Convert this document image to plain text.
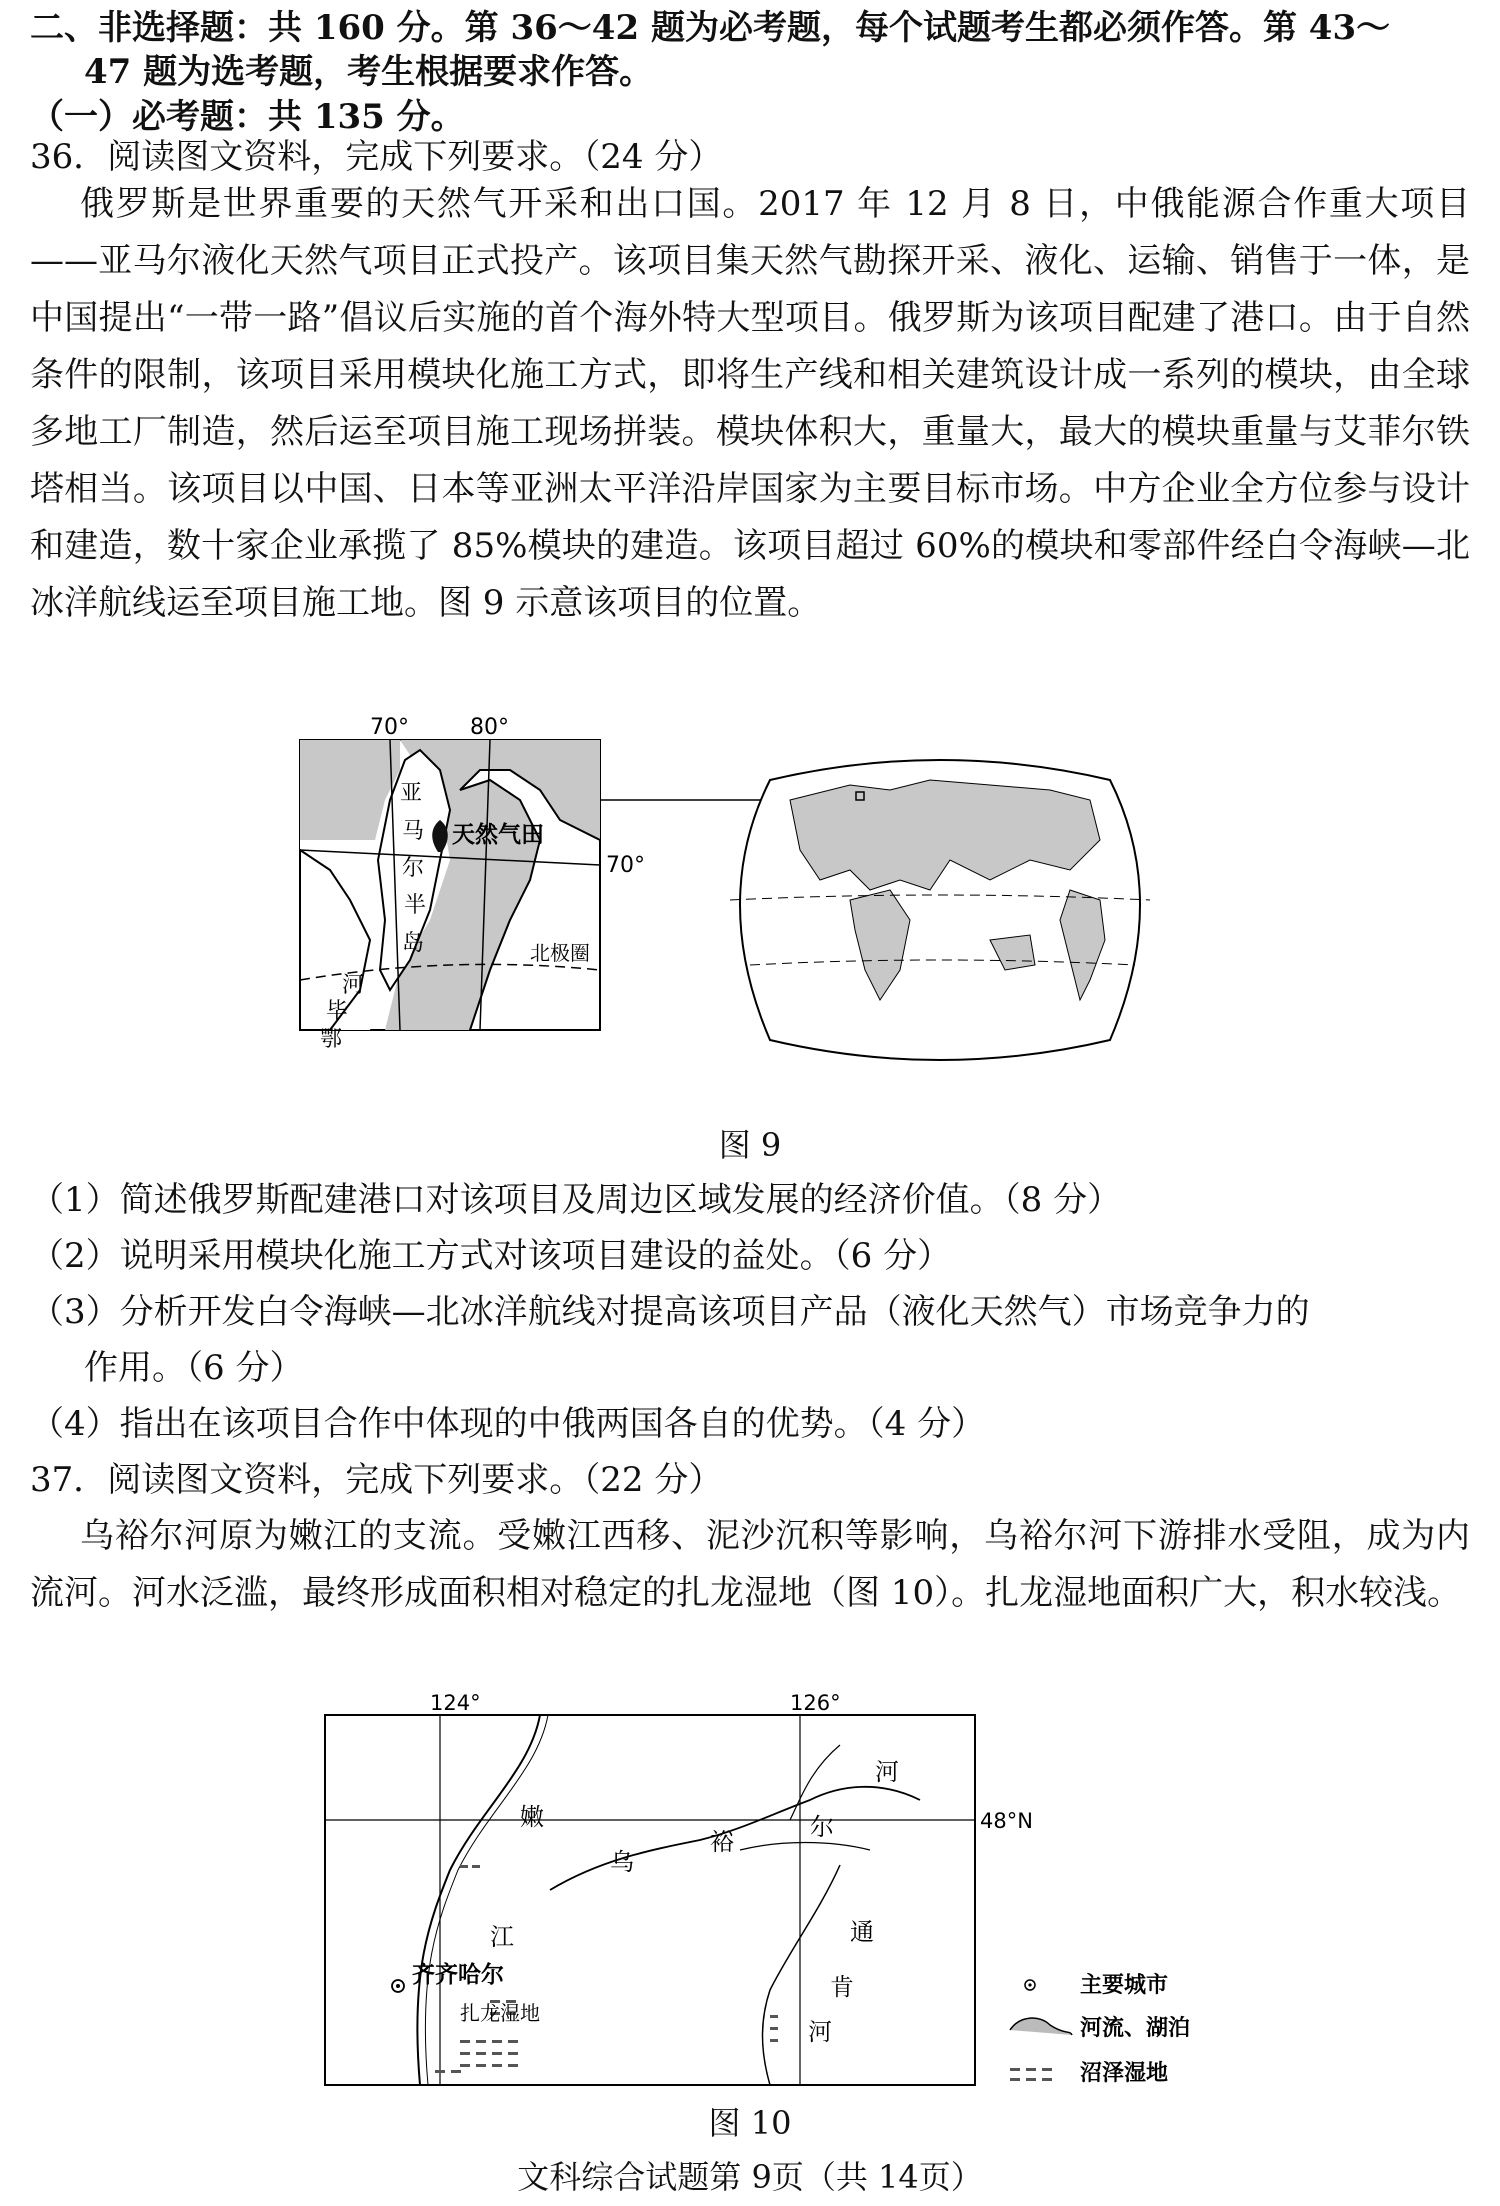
二、非选择题：共 160 分。第 36～42 题为必考题，每个试题考生都必须作答。第 43～
47 题为选考题，考生根据要求作答。
（一）必考题：共 135 分。
36．阅读图文资料，完成下列要求。（24 分）
俄罗斯是世界重要的天然气开采和出口国。2017 年 12 月 8 日，中俄能源合作重大项目——亚马尔液化天然气项目正式投产。该项目集天然气勘探开采、液化、运输、销售于一体，是中国提出“一带一路”倡议后实施的首个海外特大型项目。俄罗斯为该项目配建了港口。由于自然条件的限制，该项目采用模块化施工方式，即将生产线和相关建筑设计成一系列的模块，由全球多地工厂制造，然后运至项目施工现场拼装。模块体积大，重量大，最大的模块重量与艾菲尔铁塔相当。该项目以中国、日本等亚洲太平洋沿岸国家为主要目标市场。中方企业全方位参与设计和建造，数十家企业承揽了 85%模块的建造。该项目超过 60%的模块和零部件经白令海峡—北冰洋航线运至项目施工地。图 9 示意该项目的位置。
70°	80°
70°
亚
马
尔
半
岛
天然气田
北极圈
河
毕
鄂
图 9
（1）简述俄罗斯配建港口对该项目及周边区域发展的经济价值。（8 分）
（2）说明采用模块化施工方式对该项目建设的益处。（6 分）
（3）分析开发白令海峡—北冰洋航线对提高该项目产品（液化天然气）市场竞争力的
作用。（6 分）
（4）指出在该项目合作中体现的中俄两国各自的优势。（4 分）
37．阅读图文资料，完成下列要求。（22 分）
乌裕尔河原为嫩江的支流。受嫩江西移、泥沙沉积等影响，乌裕尔河下游排水受阻，成为内流河。河水泛滥，最终形成面积相对稳定的扎龙湿地（图 10）。扎龙湿地面积广大，积水较浅。
124°	126°
48°N
嫩
江
乌
裕
尔
河
通
肯
河
齐齐哈尔
扎龙湿地
主要城市
河流、湖泊
沼泽湿地
图 10
文科综合试题第 9页（共 14页）
